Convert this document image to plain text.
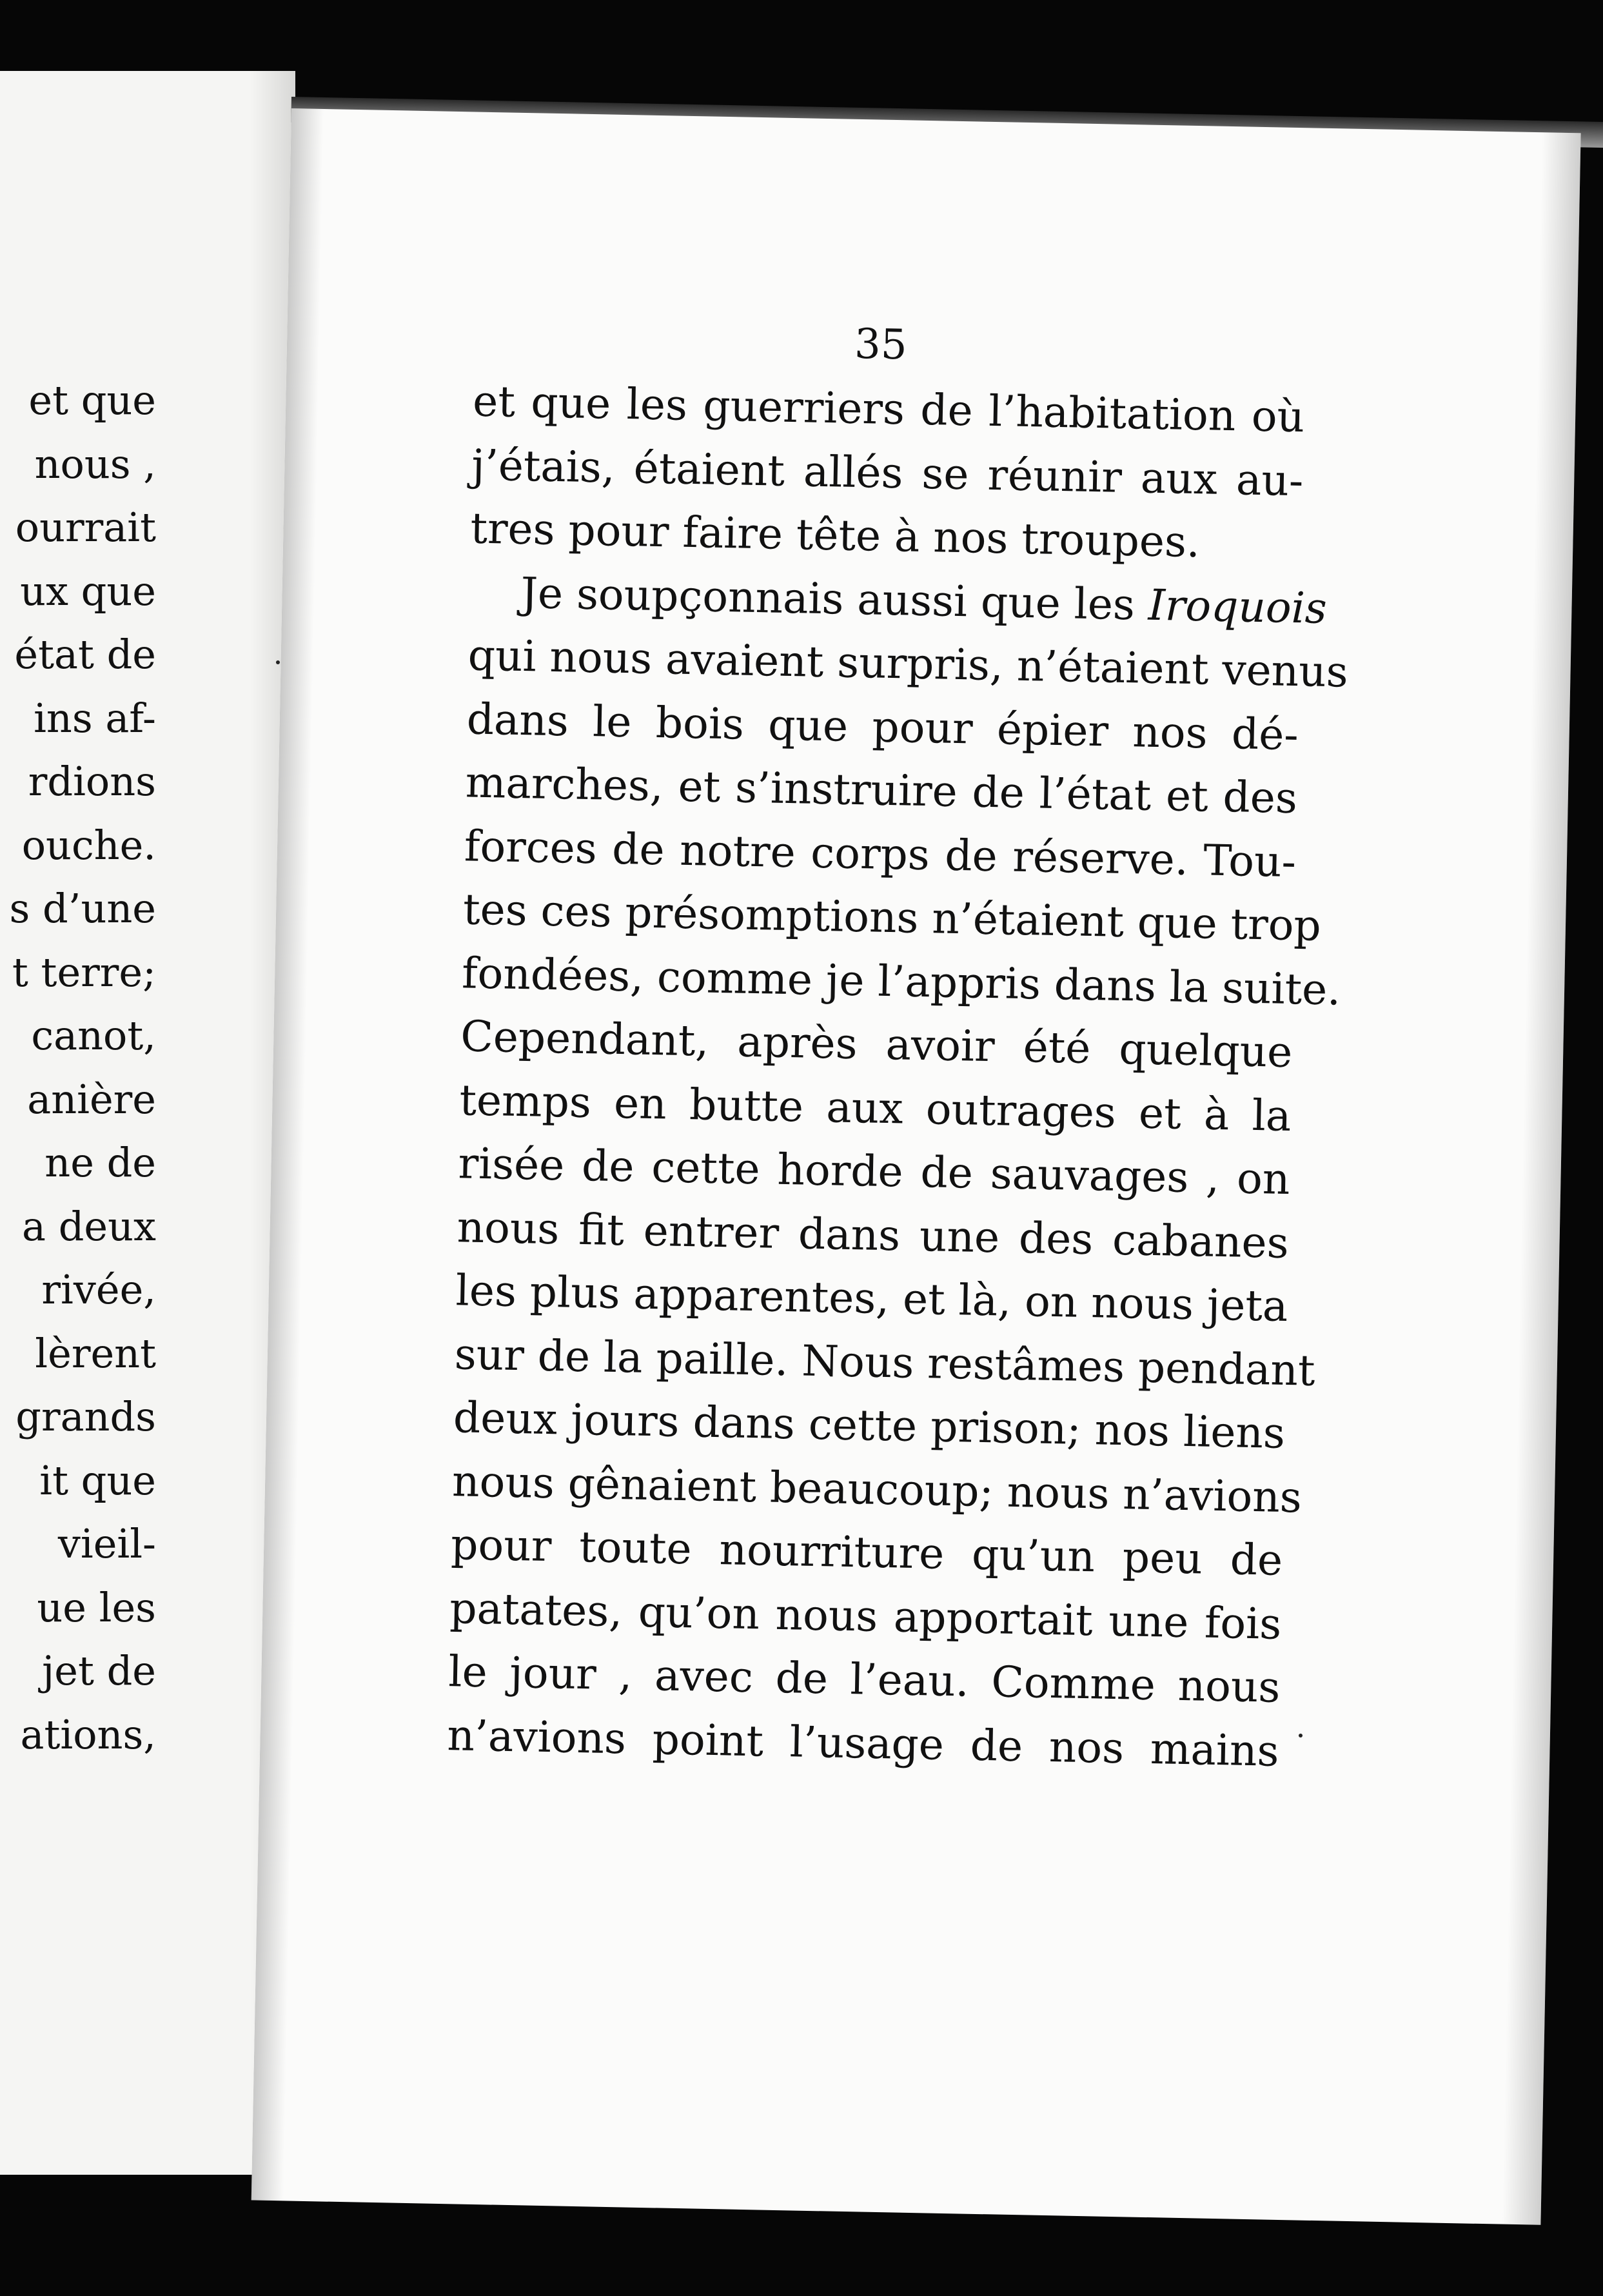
et que
nous ,
ourrait
ux que
état de
ins af-
rdions
ouche.
s d’une
t terre;
canot,
anière
ne de
a deux
rivée,
lèrent
grands
it que
vieil-
ue les
jet de
ations,
35
et que les guerriers de l’habitation où
j’étais, étaient allés se réunir aux au-
tres pour faire tête à nos troupes.
Je soupçonnais aussi que les Iroquois
qui nous avaient surpris, n’étaient venus
dans le bois que pour épier nos dé-
marches, et s’instruire de l’état et des
forces de notre corps de réserve. Tou-
tes ces présomptions n’étaient que trop
fondées, comme je l’appris dans la suite.
Cependant, après avoir été quelque
temps en butte aux outrages et à la
risée de cette horde de sauvages , on
nous fit entrer dans une des cabanes
les plus apparentes, et là, on nous jeta
sur de la paille. Nous restâmes pendant
deux jours dans cette prison; nos liens
nous gênaient beaucoup; nous n’avions
pour toute nourriture qu’un peu de
patates, qu’on nous apportait une fois
le jour , avec de l’eau. Comme nous
n’avions point l’usage de nos mains
